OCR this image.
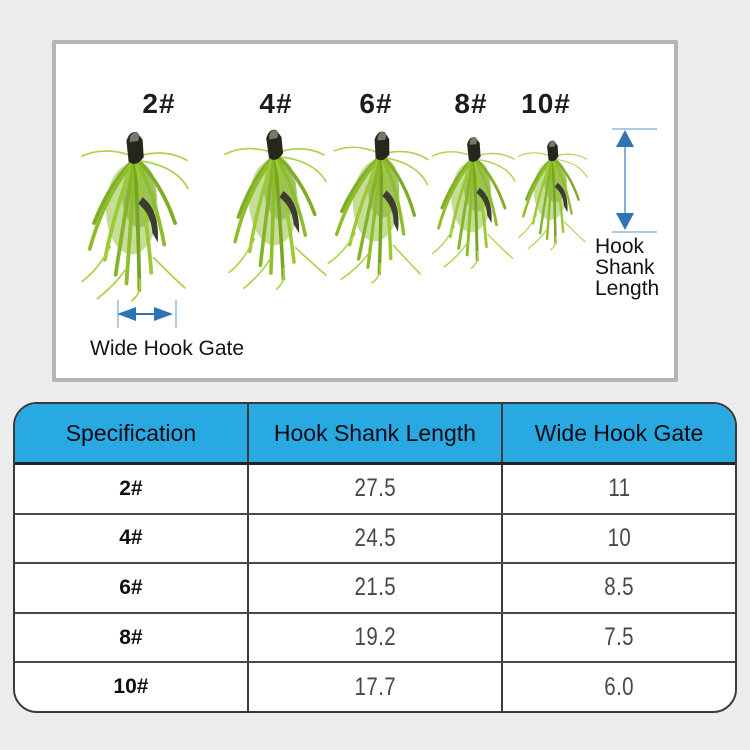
2#	4# 6# 8# 10#
Hook
Shank
Length
Wide Hook Gate
Specification	Hook Shank Length	Wide Hook Gate
2#	27.5	11
4#	24.5	10
6#	21.5	8.5
8#	19.2	7.5
10#	17.7	6.0
